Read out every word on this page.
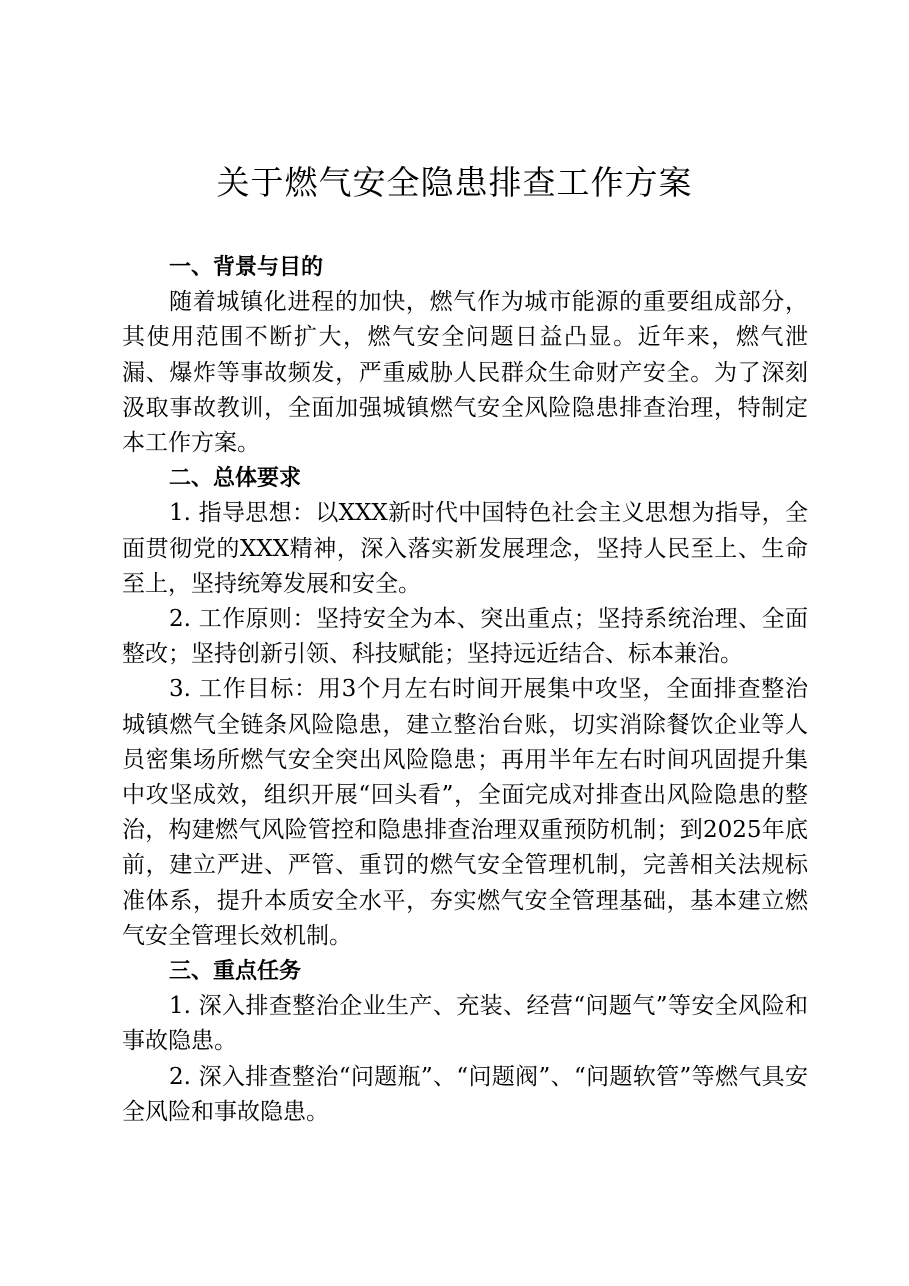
关于燃气安全隐患排查工作方案

一、背景与目的

随着城镇化进程的加快，燃气作为城市能源的重要组成部分，其使用范围不断扩大，燃气安全问题日益凸显。近年来，燃气泄漏、爆炸等事故频发，严重威胁人民群众生命财产安全。为了深刻汲取事故教训，全面加强城镇燃气安全风险隐患排查治理，特制定本工作方案。

二、总体要求

1. 指导思想：以XXX新时代中国特色社会主义思想为指导，全面贯彻党的XXX精神，深入落实新发展理念，坚持人民至上、生命至上，坚持统筹发展和安全。

2. 工作原则：坚持安全为本、突出重点；坚持系统治理、全面整改；坚持创新引领、科技赋能；坚持远近结合、标本兼治。

3. 工作目标：用3个月左右时间开展集中攻坚，全面排查整治城镇燃气全链条风险隐患，建立整治台账，切实消除餐饮企业等人员密集场所燃气安全突出风险隐患；再用半年左右时间巩固提升集中攻坚成效，组织开展“回头看”，全面完成对排查出风险隐患的整治，构建燃气风险管控和隐患排查治理双重预防机制；到2025年底前，建立严进、严管、重罚的燃气安全管理机制，完善相关法规标准体系，提升本质安全水平，夯实燃气安全管理基础，基本建立燃气安全管理长效机制。

三、重点任务

1. 深入排查整治企业生产、充装、经营“问题气”等安全风险和事故隐患。

2. 深入排查整治“问题瓶”、“问题阀”、“问题软管”等燃气具安全风险和事故隐患。
